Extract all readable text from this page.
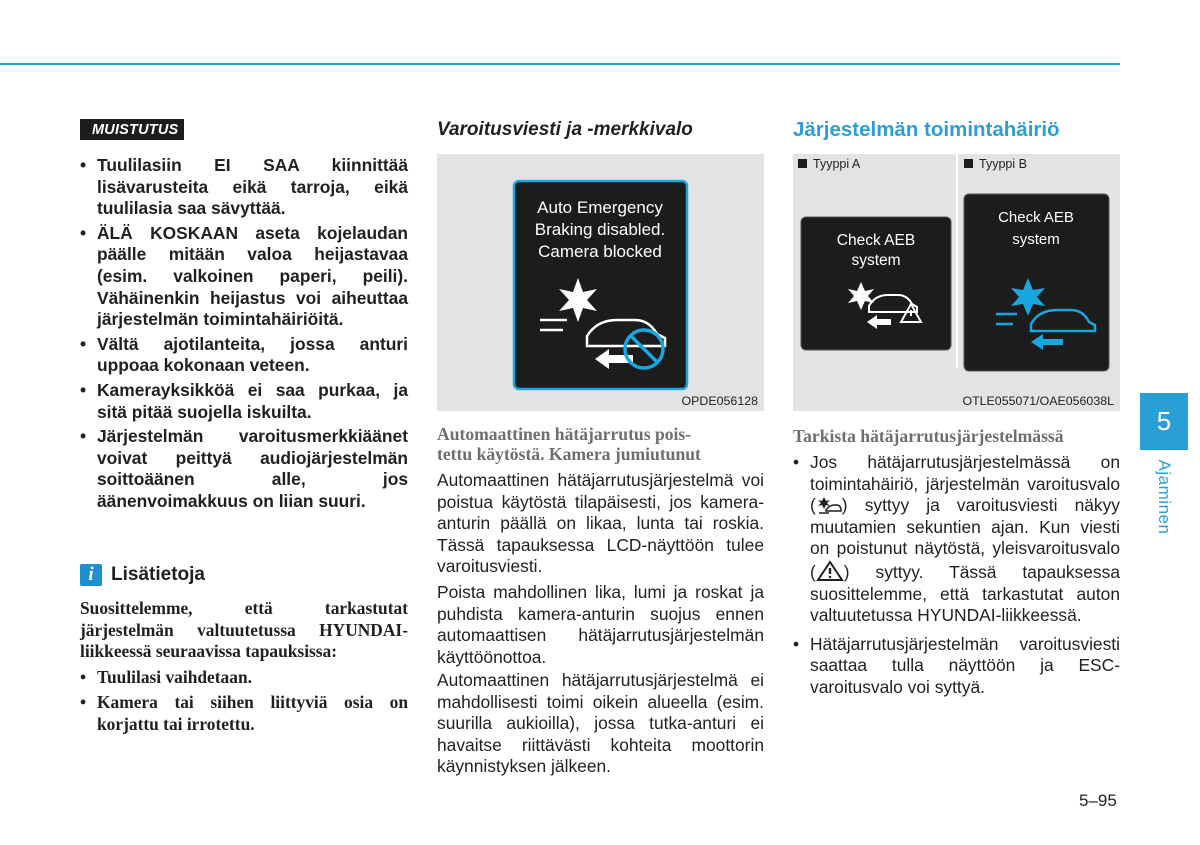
MUISTUTUS
• Tuulilasiin EI SAA kiinnittää lisävarusteita eikä tarroja, eikä tuulilasia saa sävyttää.
• ÄLÄ KOSKAAN aseta kojelaudan päälle mitään valoa heijastavaa (esim. valkoinen paperi, peili). Vähäinenkin heijastus voi aiheuttaa järjestelmän toimintahäiriöitä.
• Vältä ajotilanteita, jossa anturi uppoaa kokonaan veteen.
• Kamerayksikköä ei saa purkaa, ja sitä pitää suojella iskuilta.
• Järjestelmän varoitusmerkkiäänet voivat peittyä audiojärjestelmän soittoäänen alle, jos äänenvoimakkuus on liian suuri.
i Lisätietoja

Suosittelemme, että tarkastutat järjestelmän valtuutetussa HYUNDAI-liikkeessä seuraavissa tapauksissa:

• Tuulilasi vaihdetaan.
• Kamera tai siihen liittyviä osia on korjattu tai irrotettu.
Varoitusviesti ja -merkkivalo
Auto Emergency
Braking disabled.
Camera blocked
OPDE056128
Automaattinen hätäjarrutus pois-
tettu käytöstä. Kamera jumiutunut

Automaattinen hätäjarrutusjärjestelmä voi poistua käytöstä tilapäisesti, jos kamera-anturin päällä on likaa, lunta tai roskia. Tässä tapauksessa LCD-näyttöön tulee varoitusviesti.

Poista mahdollinen lika, lumi ja roskat ja puhdista kamera-anturin suojus ennen automaattisen hätäjarrutusjärjestelmän käyttöönottoa.

Automaattinen hätäjarrutusjärjestelmä ei mahdollisesti toimi oikein alueella (esim. suurilla aukioilla), jossa tutka-anturi ei havaitse riittävästi kohteita moottorin käynnistyksen jälkeen.

Järjestelmän toimintahäiriö
Tyyppi A	Tyyppi B
Check AEB
system
Check AEB
system
OTLE055071/OAE056038L
Tarkista hätäjarrutusjärjestelmässä
• Jos hätäjarrutusjärjestelmässä on toimintahäiriö, järjestelmän varoitusvalo ( ) syttyy ja varoitusviesti näkyy muutamien sekuntien ajan. Kun viesti on poistunut näytöstä, yleisvaroitusvalo ( ) syttyy. Tässä tapauksessa suosittelemme, että tarkastutat auton valtuutetussa HYUNDAI-liikkeessä.
• Hätäjarrutusjärjestelmän varoitusviesti saattaa tulla näyttöön ja ESC-varoitusvalo voi syttyä.
5
Ajaminen
5–95
